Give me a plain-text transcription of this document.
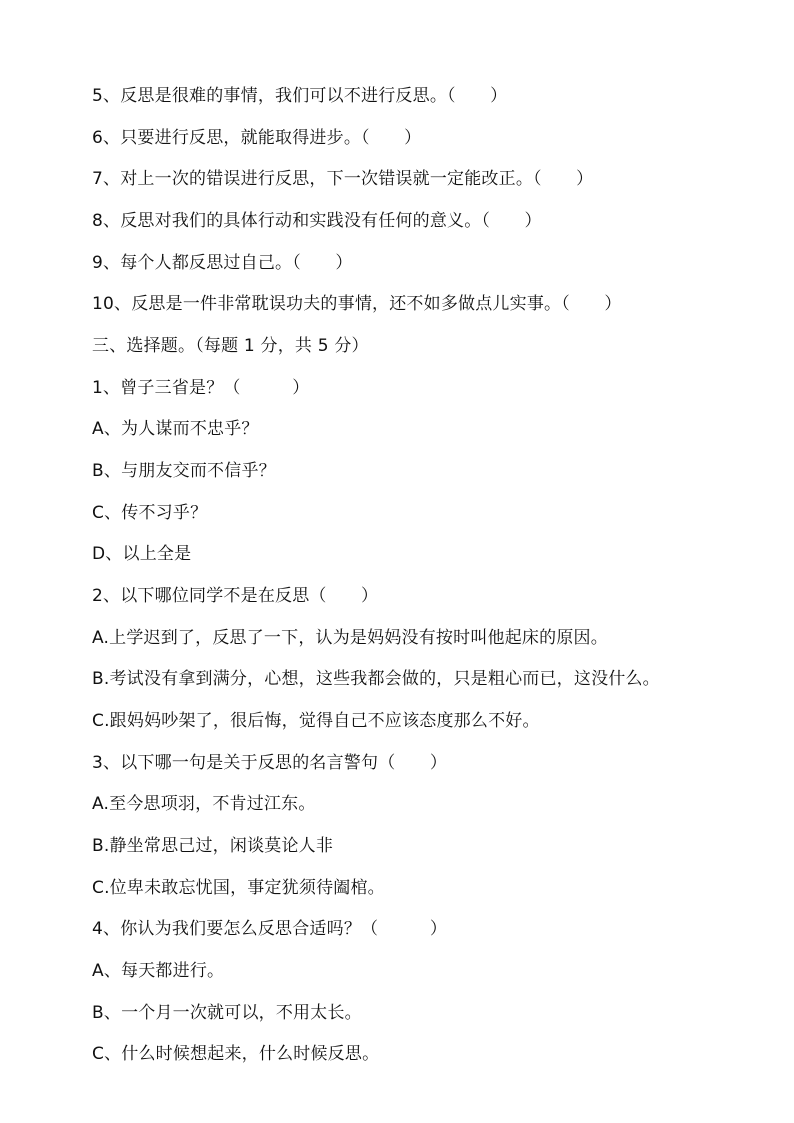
5、反思是很难的事情，我们可以不进行反思。（　　）
6、只要进行反思，就能取得进步。（　　）
7、对上一次的错误进行反思，下一次错误就一定能改正。（　　）
8、反思对我们的具体行动和实践没有任何的意义。（　　）
9、每个人都反思过自己。（　　）
10、反思是一件非常耽误功夫的事情，还不如多做点儿实事。（　　）
三、选择题。（每题 1 分，共 5 分）
1、曾子三省是？（　　　）
A、为人谋而不忠乎？
B、与朋友交而不信乎？
C、传不习乎？
D、以上全是
2、以下哪位同学不是在反思（　　）
A.上学迟到了，反思了一下，认为是妈妈没有按时叫他起床的原因。
B.考试没有拿到满分，心想，这些我都会做的，只是粗心而已，这没什么。
C.跟妈妈吵架了，很后悔，觉得自己不应该态度那么不好。
3、以下哪一句是关于反思的名言警句（　　）
A.至今思项羽，不肯过江东。
B.静坐常思己过，闲谈莫论人非
C.位卑未敢忘忧国，事定犹须待阖棺。
4、你认为我们要怎么反思合适吗？（　　　）
A、每天都进行。
B、一个月一次就可以，不用太长。
C、什么时候想起来，什么时候反思。
